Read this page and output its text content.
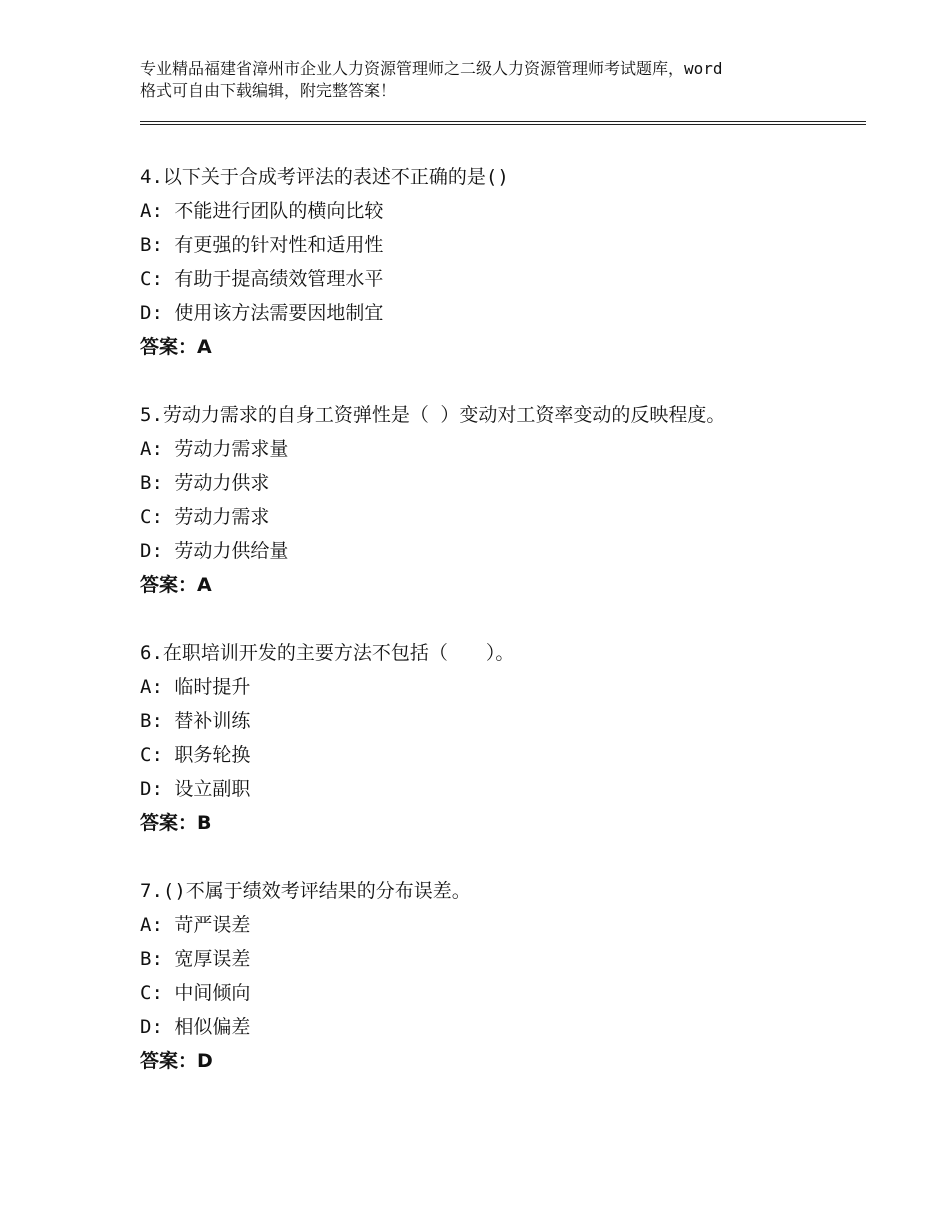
专业精品福建省漳州市企业人力资源管理师之二级人力资源管理师考试题库，word
格式可自由下载编辑，附完整答案！
4.以下关于合成考评法的表述不正确的是()
A: 不能进行团队的横向比较
B: 有更强的针对性和适用性
C: 有助于提高绩效管理水平
D: 使用该方法需要因地制宜
答案：A
5.劳动力需求的自身工资弹性是（ ）变动对工资率变动的反映程度。
A: 劳动力需求量
B: 劳动力供求
C: 劳动力需求
D: 劳动力供给量
答案：A
6.在职培训开发的主要方法不包括（　　）。
A: 临时提升
B: 替补训练
C: 职务轮换
D: 设立副职
答案：B
7.()不属于绩效考评结果的分布误差。
A: 苛严误差
B: 宽厚误差
C: 中间倾向
D: 相似偏差
答案：D
